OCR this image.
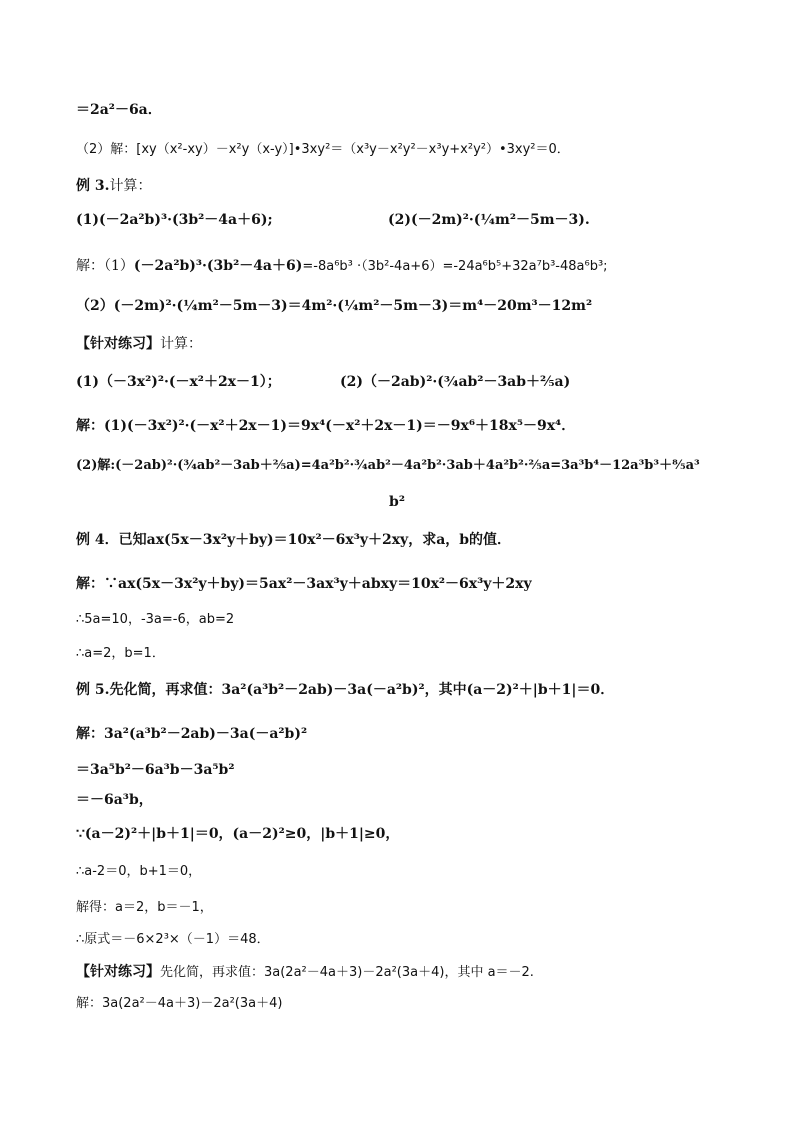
＝2a²－6a．
（2）解：[xy（x²-xy）－x²y（x-y）]•3xy²＝（x³y－x²y²－x³y+x²y²）•3xy²＝0．
例 3.计算：
(1)(－2a²b)³·(3b²－4a＋6);	(2)(－2m)²·(¼m²－5m－3).
解：（1）(－2a²b)³·(3b²－4a＋6)=-8a⁶b³ ·（3b²-4a+6）=-24a⁶b⁵+32a⁷b³-48a⁶b³;
（2）(－2m)²·(¼m²－5m－3)＝4m²·(¼m²－5m－3)＝m⁴－20m³－12m²
【针对练习】计算：
(1)（－3x²)²·(－x²＋2x－1）；	(2)（－2ab)²·(¾ab²－3ab＋⅖a)
解：(1)(－3x²)²·(－x²＋2x－1)＝9x⁴(－x²＋2x－1)＝－9x⁶＋18x⁵－9x⁴．
(2)解:(－2ab)²·(¾ab²－3ab＋⅖a)=4a²b²·¾ab²－4a²b²·3ab＋4a²b²·⅖a=3a³b⁴－12a³b³＋⁸⁄₅a³
b²
例 4．已知ax(5x－3x²y＋by)＝10x²－6x³y＋2xy，求a，b的值．
解：∵ax(5x－3x²y＋by)＝5ax²－3ax³y＋abxy＝10x²－6x³y＋2xy
∴5a=10，-3a=-6，ab=2
∴a=2，b=1．
例 5.先化简，再求值：3a²(a³b²－2ab)－3a(－a²b)²，其中(a－2)²＋|b＋1|＝0．
解：3a²(a³b²－2ab)－3a(－a²b)²
＝3a⁵b²－6a³b－3a⁵b²
＝－6a³b，
∵(a－2)²＋|b＋1|＝0，(a－2)²≥0，|b＋1|≥0，
∴a-2＝0，b+1＝0，
解得：a＝2，b＝－1，
∴原式＝－6×2³×（－1）＝48．
【针对练习】先化简，再求值：3a(2a²－4a＋3)－2a²(3a＋4)，其中 a＝－2.
解：3a(2a²－4a＋3)－2a²(3a＋4)
